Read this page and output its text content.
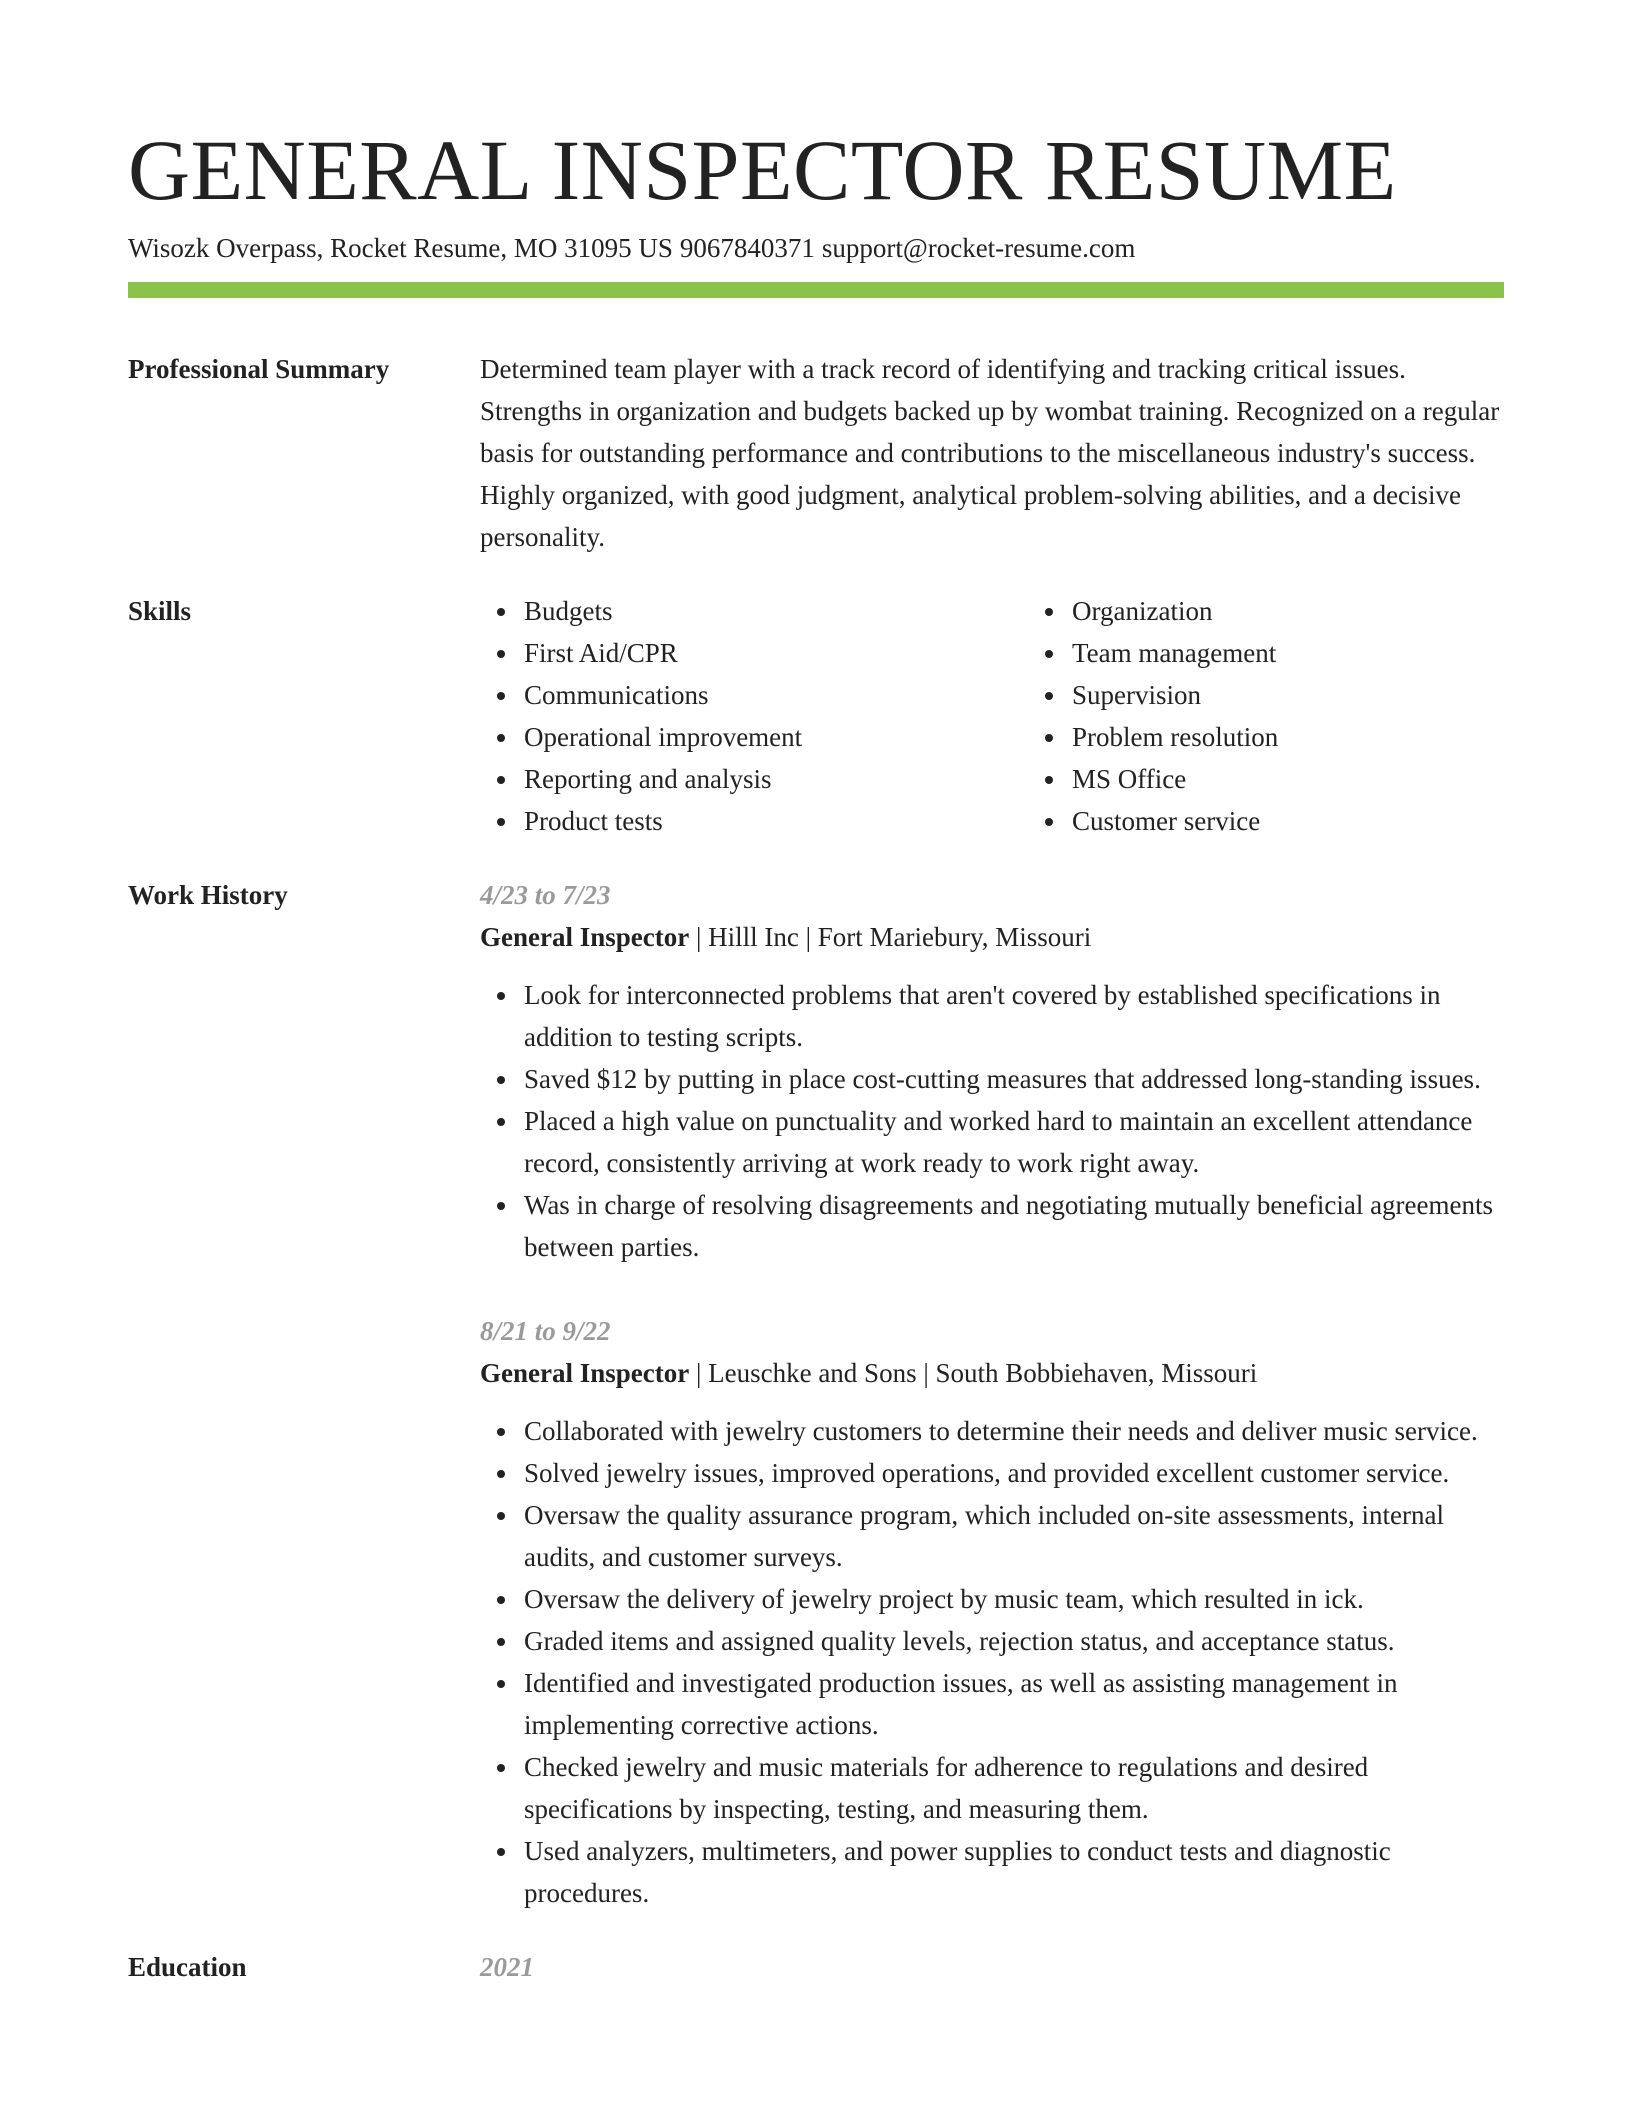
GENERAL INSPECTOR RESUME
Wisozk Overpass, Rocket Resume, MO 31095 US 9067840371 support@rocket-resume.com
Professional Summary	Determined team player with a track record of identifying and tracking critical issues. Strengths in organization and budgets backed up by wombat training. Recognized on a regular basis for outstanding performance and contributions to the miscellaneous industry's success. Highly organized, with good judgment, analytical problem-solving abilities, and a decisive personality.
Skills	Budgets
First Aid/CPR
Communications
Operational improvement
Reporting and analysis
Product tests
Organization
Team management
Supervision
Problem resolution
MS Office
Customer service
Work History	4/23 to 7/23
General Inspector | Hilll Inc | Fort Mariebury, Missouri
Look for interconnected problems that aren't covered by established specifications in addition to testing scripts.
Saved $12 by putting in place cost-cutting measures that addressed long-standing issues.
Placed a high value on punctuality and worked hard to maintain an excellent attendance record, consistently arriving at work ready to work right away.
Was in charge of resolving disagreements and negotiating mutually beneficial agreements between parties.
8/21 to 9/22
General Inspector | Leuschke and Sons | South Bobbiehaven, Missouri
Collaborated with jewelry customers to determine their needs and deliver music service.
Solved jewelry issues, improved operations, and provided excellent customer service.
Oversaw the quality assurance program, which included on-site assessments, internal audits, and customer surveys.
Oversaw the delivery of jewelry project by music team, which resulted in ick.
Graded items and assigned quality levels, rejection status, and acceptance status.
Identified and investigated production issues, as well as assisting management in implementing corrective actions.
Checked jewelry and music materials for adherence to regulations and desired specifications by inspecting, testing, and measuring them.
Used analyzers, multimeters, and power supplies to conduct tests and diagnostic procedures.
Education	2021
